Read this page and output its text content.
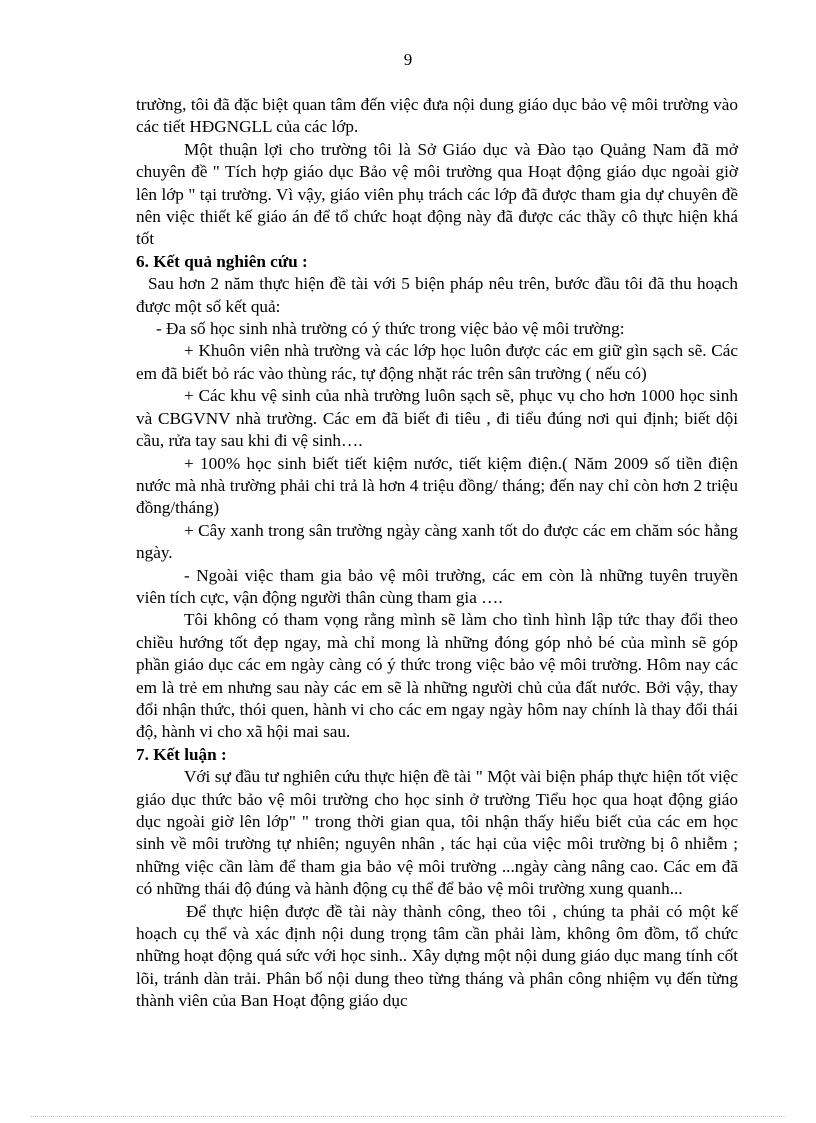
9

trường, tôi đã đặc biệt quan tâm đến việc đưa nội dung giáo dục bảo vệ môi trường vào các tiết HĐGNGLL của các lớp.

Một thuận lợi cho trường tôi là Sở Giáo dục và Đào tạo Quảng Nam đã mở chuyên đề " Tích hợp giáo dục Bảo vệ môi trường qua Hoạt động giáo dục ngoài giờ lên lớp " tại trường. Vì vậy, giáo viên phụ trách các lớp đã được tham gia dự chuyên đề nên việc thiết kế giáo án để tổ chức hoạt động này đã được các thầy cô thực hiện khá tốt

6. Kết quả nghiên cứu :

Sau hơn 2 năm thực hiện đề tài với 5 biện pháp nêu trên, bước đầu tôi đã thu hoạch được một số kết quả:

- Đa số học sinh nhà trường có ý thức trong việc bảo vệ môi trường:

+ Khuôn viên nhà trường và các lớp học luôn được các em giữ gìn sạch sẽ. Các em đã biết bỏ rác vào thùng rác, tự động nhặt rác trên sân trường ( nếu có)

+ Các khu vệ sinh của nhà trường luôn sạch sẽ, phục vụ cho hơn 1000 học sinh và CBGVNV nhà trường. Các em đã biết đi tiêu , đi tiểu đúng nơi qui định; biết dội cầu, rửa tay sau khi đi vệ sinh….

+ 100% học sinh biết tiết kiệm nước, tiết kiệm điện.( Năm 2009 số tiền điện nước mà nhà trường phải chi trả là hơn 4 triệu đồng/ tháng; đến nay chỉ còn hơn 2 triệu đồng/tháng)

+ Cây xanh trong sân trường ngày càng xanh tốt do được các em chăm sóc hằng ngày.

- Ngoài việc tham gia bảo vệ môi trường, các em còn là những tuyên truyền viên tích cực, vận động người thân cùng tham gia ….

Tôi không có tham vọng rằng mình sẽ làm cho tình hình lập tức thay đổi theo chiều hướng tốt đẹp ngay, mà chỉ mong là những đóng góp nhỏ bé của mình sẽ góp phần giáo dục các em ngày càng có ý thức trong việc bảo vệ môi trường. Hôm nay các em là trẻ em nhưng sau này các em sẽ là những người chủ của đất nước. Bởi vậy, thay đổi nhận thức, thói quen, hành vi cho các em ngay ngày hôm nay chính là thay đổi thái độ, hành vi cho xã hội mai sau.

7. Kết luận :

Với sự đầu tư nghiên cứu thực hiện đề tài " Một vài biện pháp thực hiện tốt việc giáo dục thức bảo vệ môi trường cho học sinh ở trường Tiểu học qua hoạt động giáo dục ngoài giờ lên lớp" " trong thời gian qua, tôi nhận thấy hiểu biết của các em học sinh về môi trường tự nhiên; nguyên nhân , tác hại của việc môi trường bị ô nhiễm ; những việc cần làm để tham gia bảo vệ môi trường ...ngày càng nâng cao. Các em đã có những thái độ đúng và hành động cụ thể để bảo vệ môi trường xung quanh...

Để thực hiện được đề tài này thành công, theo tôi , chúng ta phải có một kế hoạch cụ thể và xác định nội dung trọng tâm cần phải làm, không ôm đồm, tổ chức những hoạt động quá sức với học sinh.. Xây dựng một nội dung giáo dục mang tính cốt lõi, tránh dàn trải. Phân bố nội dung theo từng tháng và phân công nhiệm vụ đến từng thành viên của Ban Hoạt động giáo dục
